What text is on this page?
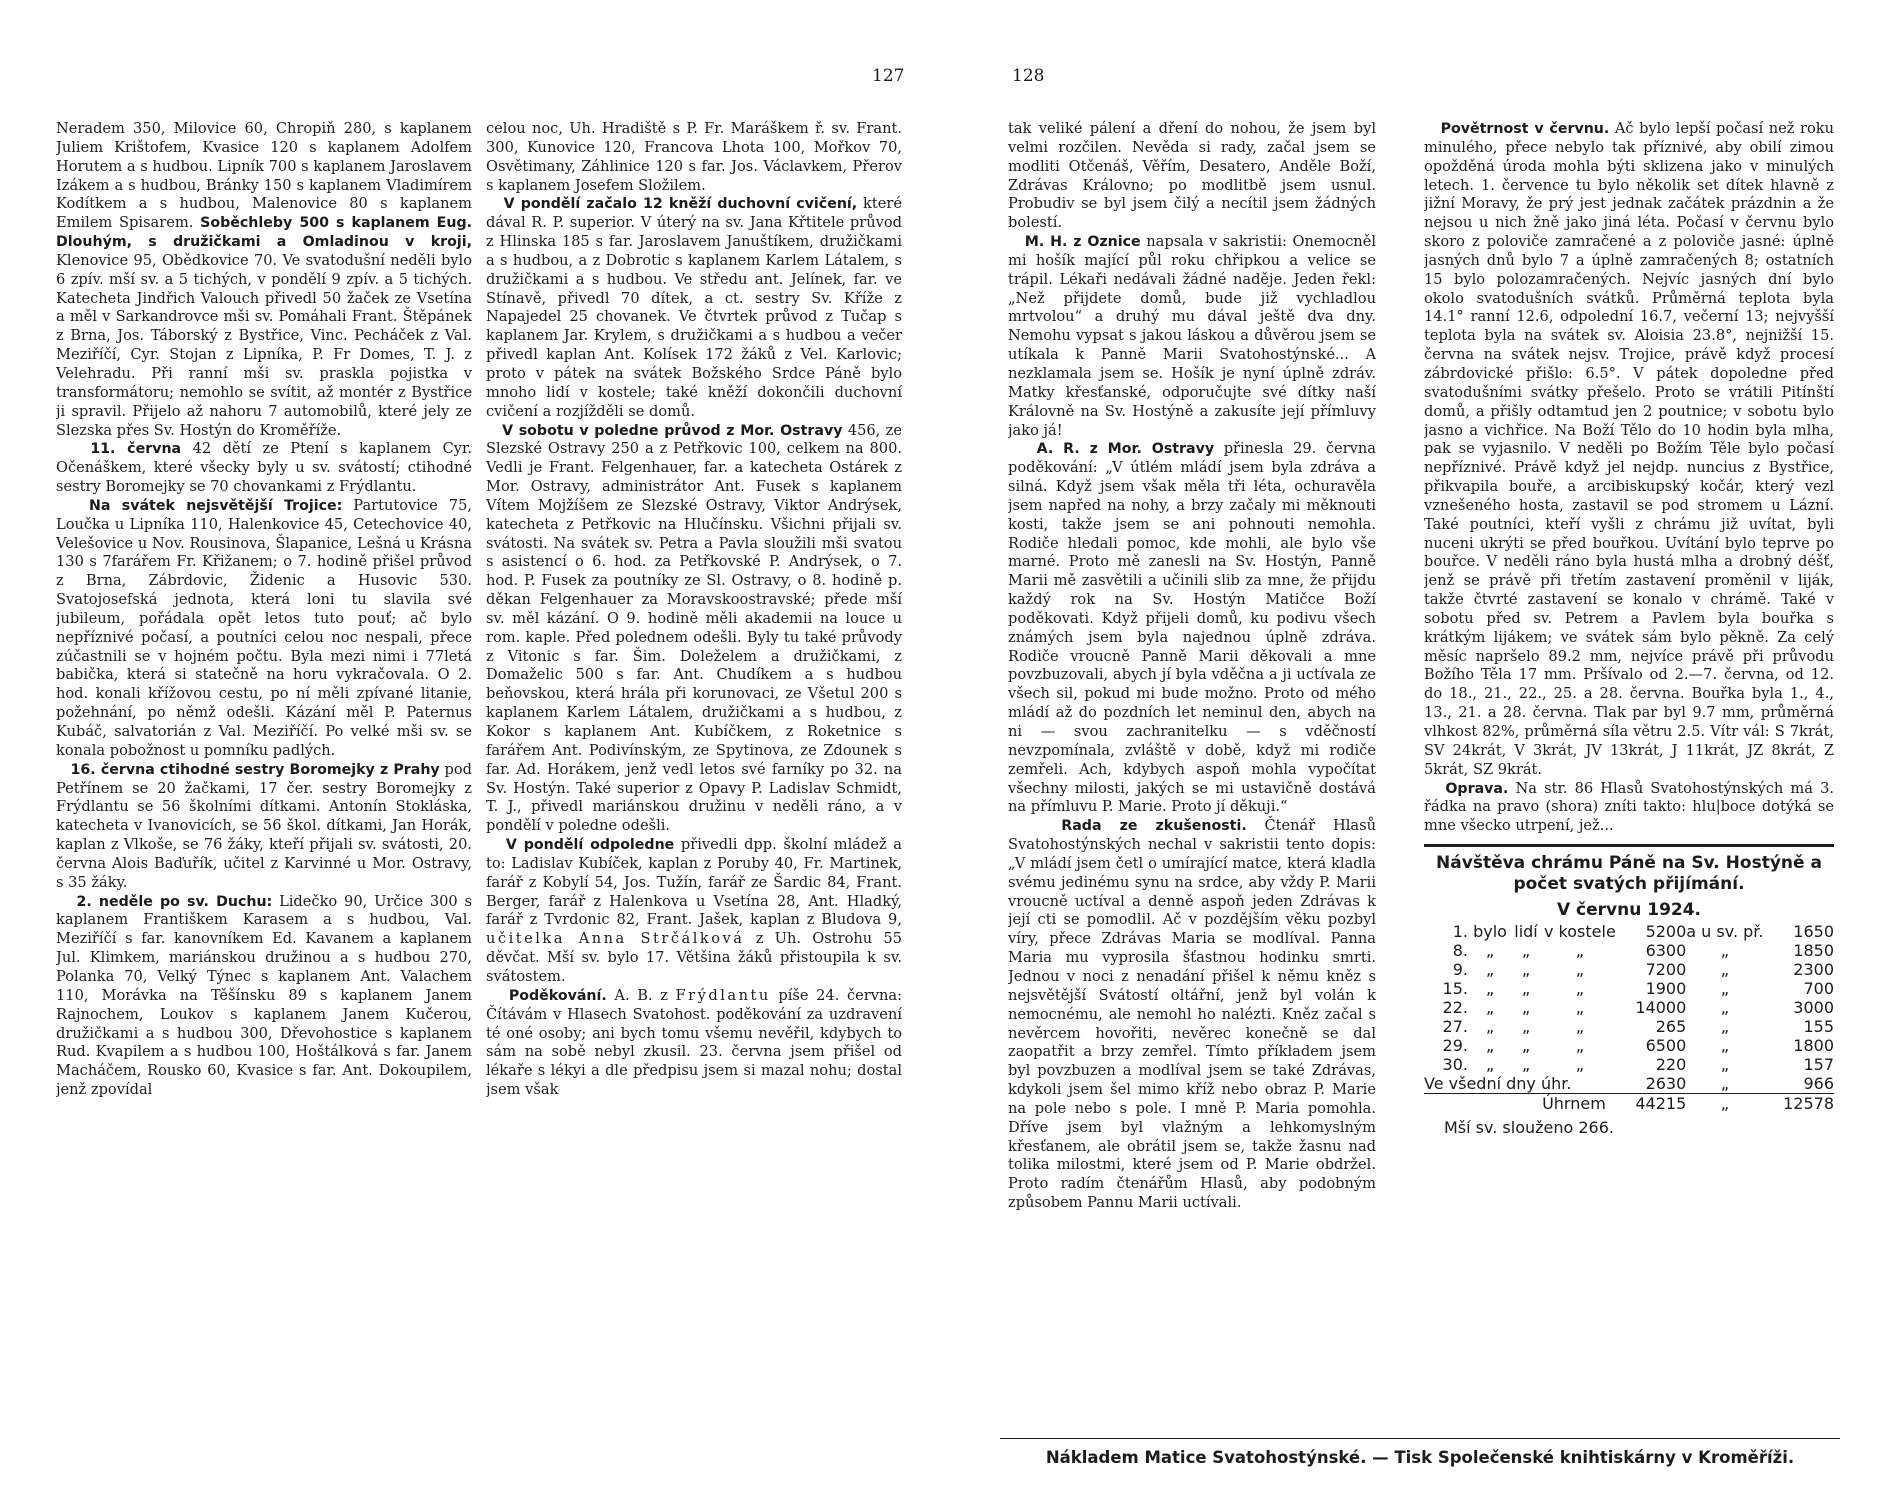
127	128

Neradem 350, Milovice 60, Chropiň 280, s kaplanem Juliem Krištofem, Kvasice 120 s kaplanem Adolfem Horutem a s hudbou. Lipník 700 s kaplanem Jaroslavem Izákem a s hudbou, Bránky 150 s kaplanem Vladimírem Kodítkem a s hudbou, Malenovice 80 s kaplanem Emilem Spisarem. Soběchleby 500 s kaplanem Eug. Dlouhým, s družičkami a Omladinou v kroji, Klenovice 95, Obědkovice 70. Ve svatodušní neděli bylo 6 zpív. mší sv. a 5 tichých, v pondělí 9 zpív. a 5 tichých. Katecheta Jindřich Valouch přivedl 50 žaček ze Vsetína a měl v Sarkandrovce mši sv. Pomáhali Frant. Štěpánek z Brna, Jos. Táborský z Bystřice, Vinc. Pecháček z Val. Meziříčí, Cyr. Stojan z Lipníka, P. Fr Domes, T. J. z Velehradu. Při ranní mši sv. praskla pojistka v transformátoru; nemohlo se svítit, až montér z Bystřice ji spravil. Přijelo až nahoru 7 automobilů, které jely ze Slezska přes Sv. Hostýn do Kroměříže.

11. června 42 dětí ze Ptení s kaplanem Cyr. Očenáškem, které všecky byly u sv. svátostí; ctihodné sestry Boromejky se 70 chovankami z Frýdlantu.

Na svátek nejsvětější Trojice: Partutovice 75, Loučka u Lipníka 110, Halenkovice 45, Cetechovice 40, Velešovice u Nov. Rousinova, Šlapanice, Lešná u Krásna 130 s 7farářem Fr. Křižanem; o 7. hodině přišel průvod z Brna, Zábrdovic, Židenic a Husovic 530. Svatojosefská jednota, která loni tu slavila své jubileum, pořádala opět letos tuto pouť; ač bylo nepříznivé počasí, a poutníci celou noc nespali, přece zúčastnili se v hojném počtu. Byla mezi nimi i 77letá babička, která si statečně na horu vykračovala. O 2. hod. konali křížovou cestu, po ní měli zpívané litanie, požehnání, po němž odešli. Kázání měl P. Paternus Kubáč, salvatorián z Val. Meziříčí. Po velké mši sv. se konala pobožnost u pomníku padlých.

16. června ctihodné sestry Boromejky z Prahy pod Petřínem se 20 žačkami, 17 čer. sestry Boromejky z Frýdlantu se 56 školními dítkami. Antonín Stokláska, katecheta v Ivanovicích, se 56 škol. dítkami, Jan Horák, kaplan z Vlkoše, se 76 žáky, kteří přijali sv. svátosti, 20. června Alois Baďuřík, učitel z Karvinné u Mor. Ostravy, s 35 žáky.

2. neděle po sv. Duchu: Lidečko 90, Určice 300 s kaplanem Františkem Karasem a s hudbou, Val. Meziříčí s far. kanovníkem Ed. Kavanem a kaplanem Jul. Klimkem, mariánskou družinou a s hudbou 270, Polanka 70, Velký Týnec s kaplanem Ant. Valachem 110, Morávka na Těšínsku 89 s kaplanem Janem Rajnochem, Loukov s kaplanem Janem Kučerou, družičkami a s hudbou 300, Dřevohostice s kaplanem Rud. Kvapilem a s hudbou 100, Hoštálková s far. Janem Macháčem, Rousko 60, Kvasice s far. Ant. Dokoupilem, jenž zpovídal

celou noc, Uh. Hradiště s P. Fr. Maráškem ř. sv. Frant. 300, Kunovice 120, Francova Lhota 100, Mořkov 70, Osvětimany, Záhlinice 120 s far. Jos. Václavkem, Přerov s kaplanem Josefem Složilem.

V pondělí začalo 12 kněží duchovní cvičení, které dával R. P. superior. V úterý na sv. Jana Křtitele průvod z Hlinska 185 s far. Jaroslavem Januštíkem, družičkami a s hudbou, a z Dobrotic s kaplanem Karlem Látalem, s družičkami a s hudbou. Ve středu ant. Jelínek, far. ve Stínavě, přivedl 70 dítek, a ct. sestry Sv. Kříže z Napajedel 25 chovanek. Ve čtvrtek průvod z Tučap s kaplanem Jar. Krylem, s družičkami a s hudbou a večer přivedl kaplan Ant. Kolísek 172 žáků z Vel. Karlovic; proto v pátek na svátek Božského Srdce Páně bylo mnoho lidí v kostele; také kněží dokončili duchovní cvičení a rozjížděli se domů.

V sobotu v poledne průvod z Mor. Ostravy 456, ze Slezské Ostravy 250 a z Petřkovic 100, celkem na 800. Vedli je Frant. Felgenhauer, far. a katecheta Ostárek z Mor. Ostravy, administrátor Ant. Fusek s kaplanem Vítem Mojžíšem ze Slezské Ostravy, Viktor Andrýsek, katecheta z Petřkovic na Hlučínsku. Všichni přijali sv. svátosti. Na svátek sv. Petra a Pavla sloužili mši svatou s asistencí o 6. hod. za Petřkovské P. Andrýsek, o 7. hod. P. Fusek za poutníky ze Sl. Ostravy, o 8. hodině p. děkan Felgenhauer za Moravskoostravské; přede mší sv. měl kázání. O 9. hodině měli akademii na louce u rom. kaple. Před polednem odešli. Byly tu také průvody z Vitonic s far. Šim. Doleželem a družičkami, z Domaželic 500 s far. Ant. Chudíkem a s hudbou beňovskou, která hrála při korunovaci, ze Všetul 200 s kaplanem Karlem Látalem, družičkami a s hudbou, z Kokor s kaplanem Ant. Kubíčkem, z Roketnice s farářem Ant. Podivínským, ze Spytinova, ze Zdounek s far. Ad. Horákem, jenž vedl letos své farníky po 32. na Sv. Hostýn. Také superior z Opavy P. Ladislav Schmidt, T. J., přivedl mariánskou družinu v neděli ráno, a v pondělí v poledne odešli.

V pondělí odpoledne přivedli dpp. školní mládež a to: Ladislav Kubíček, kaplan z Poruby 40, Fr. Martinek, farář z Kobylí 54, Jos. Tužín, farář ze Šardic 84, Frant. Berger, farář z Halenkova u Vsetína 28, Ant. Hladký, farář z Tvrdonic 82, Frant. Jašek, kaplan z Bludova 9, učitelka Anna Strčálková z Uh. Ostrohu 55 děvčat. Mší sv. bylo 17. Většina žáků přistoupila k sv. svátostem.

Poděkování. A. B. z Frýdlantu píše 24. června: Čítávám v Hlasech Svatohost. poděkování za uzdravení té oné osoby; ani bych tomu všemu nevěřil, kdybych to sám na sobě nebyl zkusil. 23. června jsem přišel od lékaře s lékyi a dle předpisu jsem si mazal nohu; dostal jsem však

tak veliké pálení a dření do nohou, že jsem byl velmi rozčilen. Nevěda si rady, začal jsem se modliti Otčenáš, Věřím, Desatero, Anděle Boží, Zdrávas Královno; po modlitbě jsem usnul. Probudiv se byl jsem čilý a necítil jsem žádných bolestí.

M. H. z Oznice napsala v sakristii: Onemocněl mi hošík mající půl roku chřipkou a velice se trápil. Lékaři nedávali žádné naděje. Jeden řekl: „Než přijdete domů, bude již vychladlou mrtvolou“ a druhý mu dával ještě dva dny. Nemohu vypsat s jakou láskou a důvěrou jsem se utíkala k Panně Marii Svatohostýnské... A nezklamala jsem se. Hošík je nyní úplně zdráv. Matky křesťanské, odporučujte své dítky naší Královně na Sv. Hostýně a zakusíte její přímluvy jako já!

A. R. z Mor. Ostravy přinesla 29. června poděkování: „V útlém mládí jsem byla zdráva a silná. Když jsem však měla tři léta, ochuravěla jsem napřed na nohy, a brzy začaly mi měknouti kosti, takže jsem se ani pohnouti nemohla. Rodiče hledali pomoc, kde mohli, ale bylo vše marné. Proto mě zanesli na Sv. Hostýn, Panně Marii mě zasvětili a učinili slib za mne, že přijdu každý rok na Sv. Hostýn Matičce Boží poděkovati. Když přijeli domů, ku podivu všech známých jsem byla najednou úplně zdráva. Rodiče vroucně Panně Marii děkovali a mne povzbuzovali, abych jí byla vděčna a ji uctívala ze všech sil, pokud mi bude možno. Proto od mého mládí až do pozdních let neminul den, abych na ni — svou zachranitelku — s vděčností nevzpomínala, zvláště v době, když mi rodiče zemřeli. Ach, kdybych aspoň mohla vypočítat všechny milosti, jakých se mi ustavičně dostává na přímluvu P. Marie. Proto jí děkuji.“

Rada ze zkušenosti. Čtenář Hlasů Svatohostýnských nechal v sakristii tento dopis: „V mládí jsem četl o umírající matce, která kladla svému jedinému synu na srdce, aby vždy P. Marii vroucně uctíval a denně aspoň jeden Zdrávas k její cti se pomodlil. Ač v pozdějším věku pozbyl víry, přece Zdrávas Maria se modlíval. Panna Maria mu vyprosila šťastnou hodinku smrti. Jednou v noci z nenadání přišel k němu kněz s nejsvětější Svátostí oltářní, jenž byl volán k nemocnému, ale nemohl ho nalézti. Kněz začal s nevěrcem hovořiti, nevěrec konečně se dal zaopatřit a brzy zemřel. Tímto příkladem jsem byl povzbuzen a modlíval jsem se také Zdrávas, kdykoli jsem šel mimo kříž nebo obraz P. Marie na pole nebo s pole. I mně P. Maria pomohla. Dříve jsem byl vlažným a lehkomyslným křesťanem, ale obrátil jsem se, takže žasnu nad tolika milostmi, které jsem od P. Marie obdržel. Proto radím čtenářům Hlasů, aby podobným způsobem Pannu Marii uctívali.

Povětrnost v červnu. Ač bylo lepší počasí než roku minulého, přece nebylo tak příznivé, aby obilí zimou opožděná úroda mohla býti sklizena jako v minulých letech. 1. července tu bylo několik set dítek hlavně z jižní Moravy, že prý jest jednak začátek prázdnin a že nejsou u nich žně jako jiná léta. Počasí v červnu bylo skoro z poloviče zamračené a z poloviče jasné: úplně jasných dnů bylo 7 a úplně zamračených 8; ostatních 15 bylo polozamračených. Nejvíc jasných dní bylo okolo svatodušních svátků. Průměrná teplota byla 14.1° ranní 12.6, odpolední 16.7, večerní 13; nejvyšší teplota byla na svátek sv. Aloisia 23.8°, nejnižší 15. června na svátek nejsv. Trojice, právě když procesí zábrdovické přišlo: 6.5°. V pátek dopoledne před svatodušními svátky přešelo. Proto se vrátili Pitínští domů, a přišly odtamtud jen 2 poutnice; v sobotu bylo jasno a vichřice. Na Boží Tělo do 10 hodin byla mlha, pak se vyjasnilo. V neděli po Božím Těle bylo počasí nepříznivé. Právě když jel nejdp. nuncius z Bystřice, přikvapila bouře, a arcibiskupský kočár, který vezl vznešeného hosta, zastavil se pod stromem u Lázní. Také poutníci, kteří vyšli z chrámu již uvítat, byli nuceni ukrýti se před bouřkou. Uvítání bylo teprve po bouřce. V neděli ráno byla hustá mlha a drobný déšť, jenž se právě při třetím zastavení proměnil v liják, takže čtvrté zastavení se konalo v chrámě. Také v sobotu před sv. Petrem a Pavlem byla bouřka s krátkým lijákem; ve svátek sám bylo pěkně. Za celý měsíc napršelo 89.2 mm, nejvíce právě při průvodu Božího Těla 17 mm. Pršívalo od 2.—7. června, od 12. do 18., 21., 22., 25. a 28. června. Bouřka byla 1., 4., 13., 21. a 28. června. Tlak par byl 9.7 mm, průměrná vlhkost 82%, průměrná síla větru 2.5. Vítr vál: S 7krát, SV 24krát, V 3krát, JV 13krát, J 11krát, JZ 8krát, Z 5krát, SZ 9krát.

Oprava. Na str. 86 Hlasů Svatohostýnských má 3. řádka na pravo (shora) zníti takto: hlu|boce dotýká se mne všecko utrpení, jež...

Návštěva chrámu Páně na Sv. Hostýně a počet svatých přijímání.
V červnu 1924.
1.	bylo	lidí	v kostele	5200	a u sv. př.	1650
8.	„	„	„	6300	„	1850
9.	„	„	„	7200	„	2300
15.	„	„	„	1900	„	700
22.	„	„	„	14000	„	3000
27.	„	„	„	265	„	155
29.	„	„	„	6500	„	1800
30.	„	„	„	220	„	157
Ve všední dny úhr.				2630	„	966
	Úhrnem			44215	„	12578
Mší sv. slouženo 266.
Nákladem Matice Svatohostýnské. — Tisk Společenské knihtiskárny v Kroměříži.
